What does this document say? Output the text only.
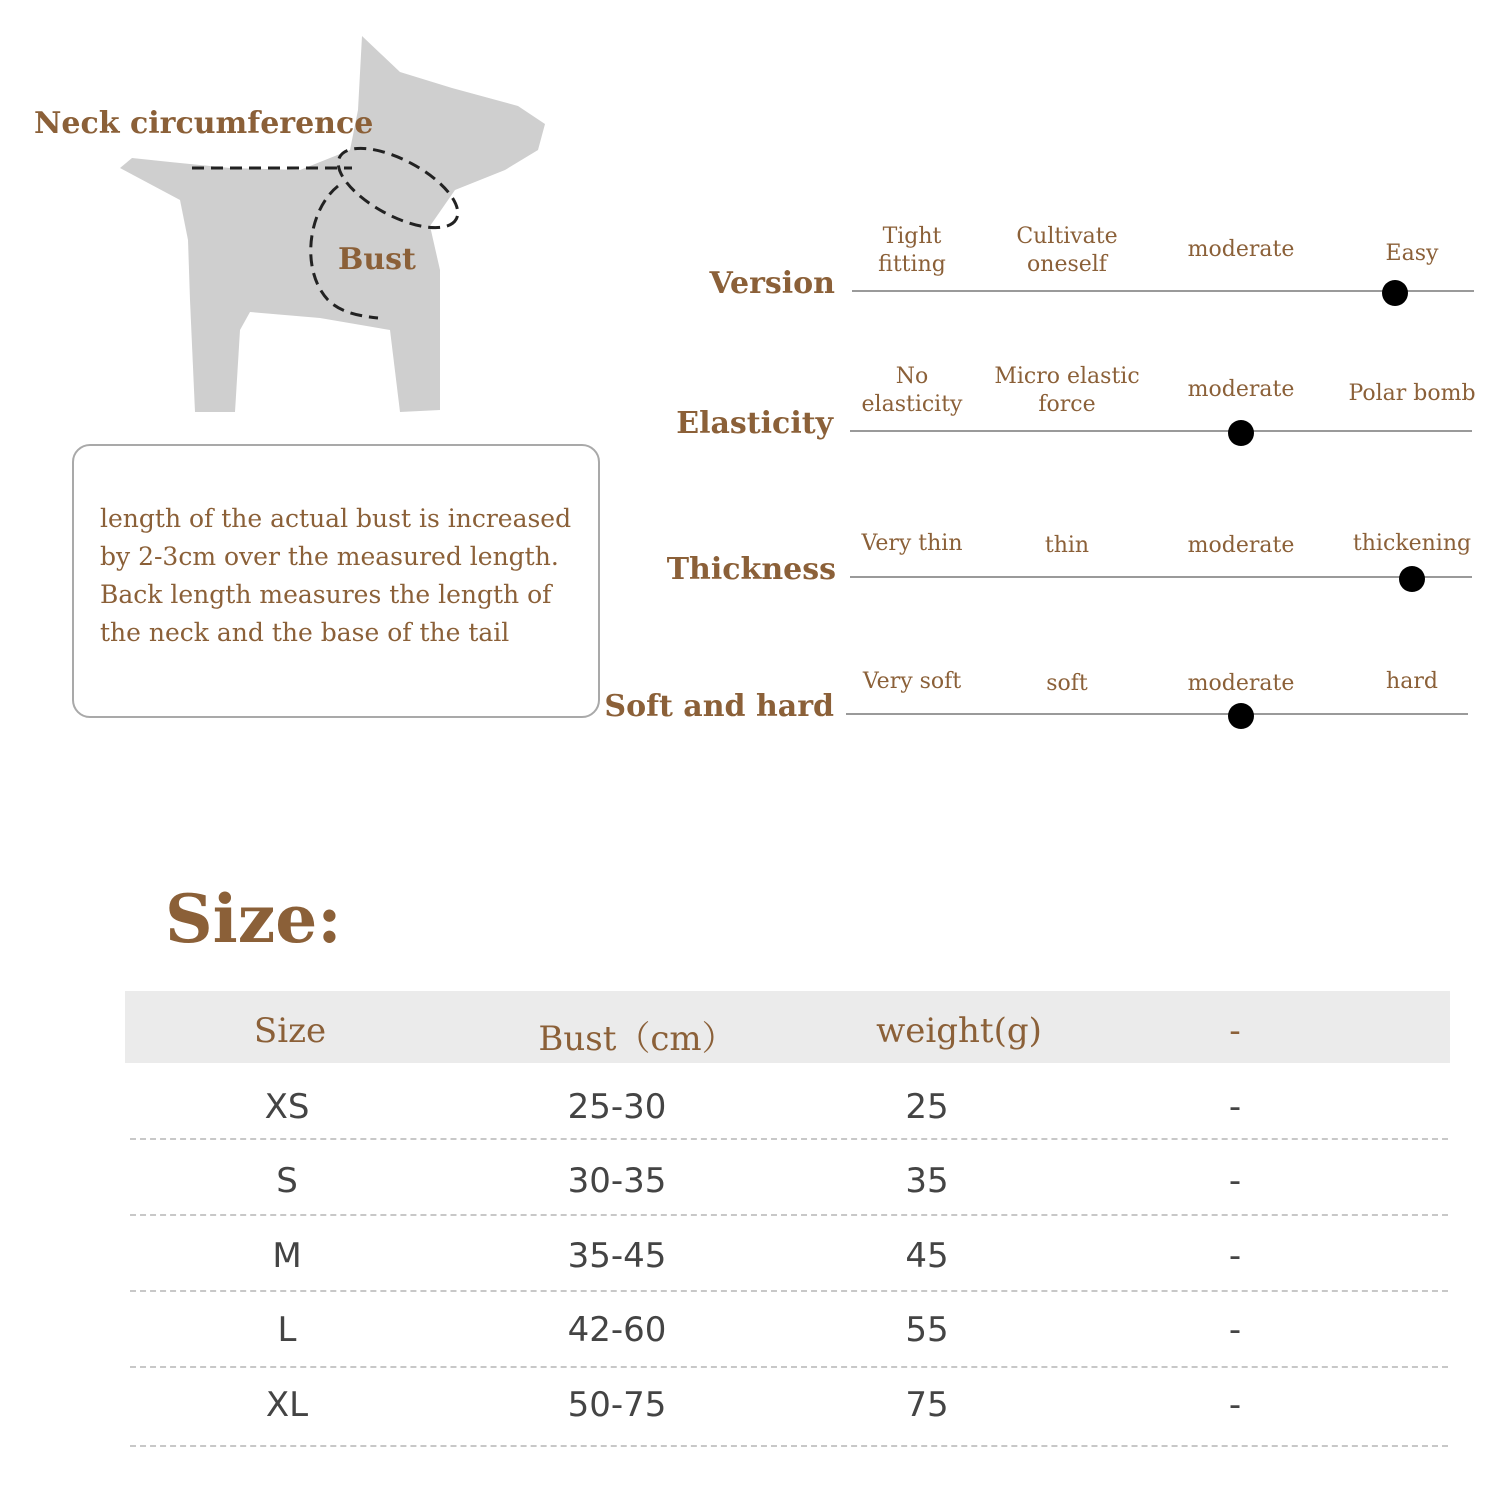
Neck circumference
Bust
length of the actual bust is increased by 2-3cm over the measured length. Back length measures the length of the neck and the base of the tail
Version
Tight
fitting
Cultivate
oneself
moderate	Easy
Elasticity
No
elasticity
Micro elastic
force
moderate	Polar bomb
Thickness
Very thin	thin	moderate	thickening
Soft and hard
Very soft	soft	moderate	hard
Size:
Size	Bust（cm）	weight(g)	-
XS	25-30	25	-
S	30-35	35	-
M	35-45	45	-
L	42-60	55	-
XL	50-75	75	-
